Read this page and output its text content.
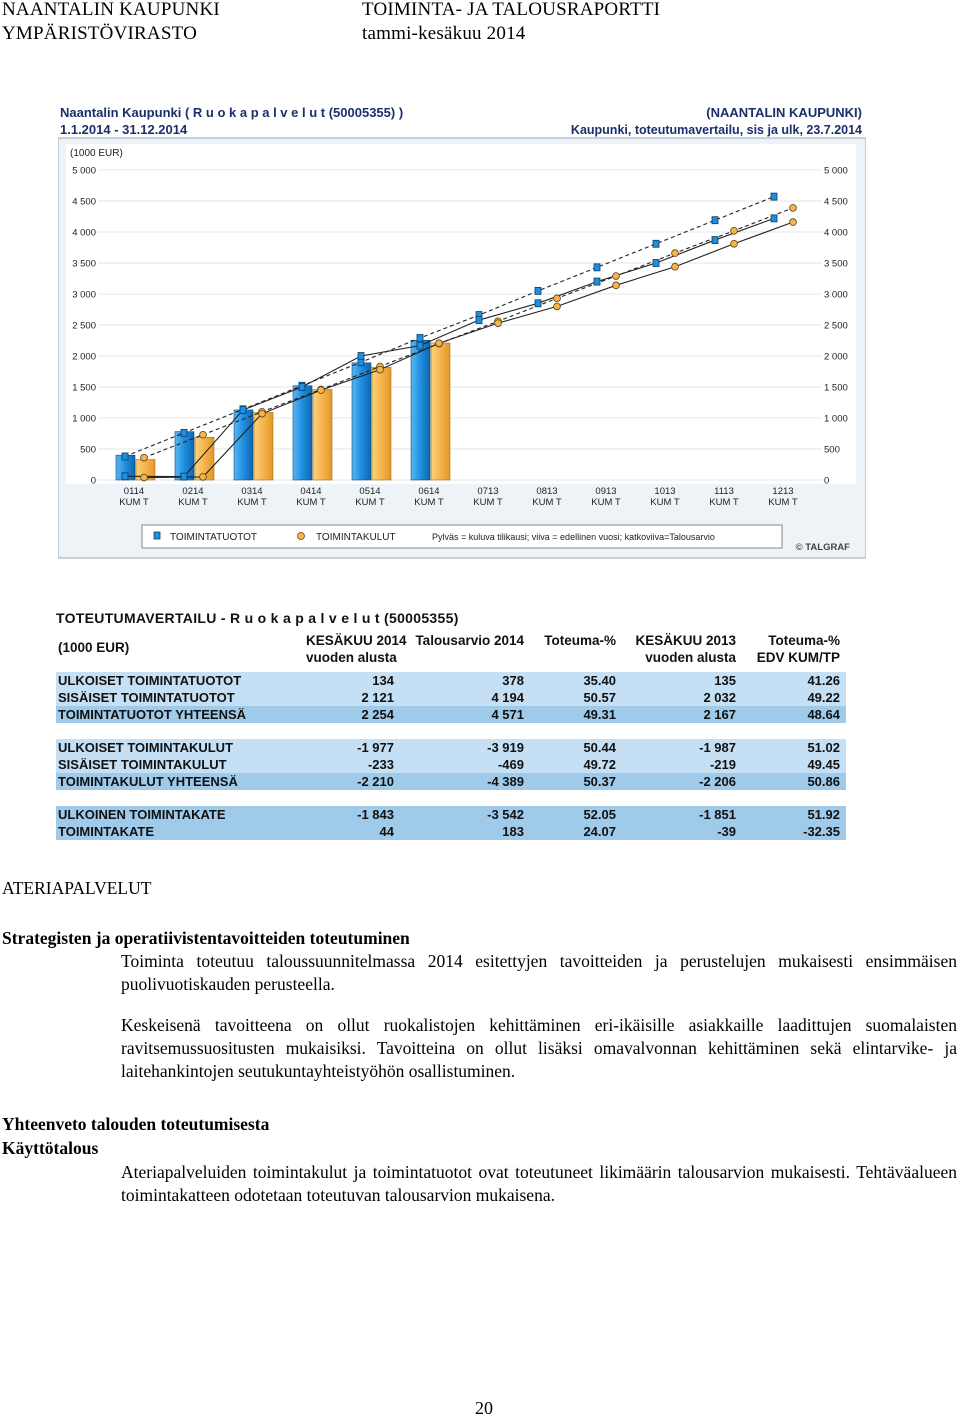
NAANTALIN KAUPUNKI
YMPÄRISTÖVIRASTO
TOIMINTA- JA TALOUSRAPORTTI
tammi-kesäkuu 2014
Naantalin Kaupunki ( R u o k a p a l v e l u t (50005355) )
1.1.2014 - 31.12.2014
(NAANTALIN KAUPUNKI)
Kaupunki, toteutumavertailu, sis ja ulk, 23.7.2014
(1000 EUR)
0	0
500	500
1 000	1 000
1 500	1 500
2 000	2 000
2 500	2 500
3 000	3 000
3 500	3 500
4 000	4 000
4 500	4 500
5 000	5 000
0114
KUM T
0214
KUM T
0314
KUM T
0414
KUM T
0514
KUM T
0614
KUM T
0713
KUM T
0813
KUM T
0913
KUM T
1013
KUM T
1113
KUM T
1213
KUM T
TOIMINTATUOTOT	TOIMINTAKULUT	Pylväs = kuluva tilikausi; viiva = edellinen vuosi; katkoviiva=Talousarvio
© TALGRAF
TOTEUTUMAVERTAILU - R u o k a p a l v e l u t (50005355)
(1000 EUR)	KESÄKUU 2014
vuoden alusta
Talousarvio 2014	Toteuma-%	KESÄKUU 2013
vuoden alusta
Toteuma-%
EDV KUM/TP
ULKOISET TOIMINTATUOTOT	134	378	35.40	135	41.26
SISÄISET TOIMINTATUOTOT	2 121	4 194	50.57	2 032	49.22
TOIMINTATUOTOT YHTEENSÄ	2 254	4 571	49.31	2 167	48.64
ULKOISET TOIMINTAKULUT	-1 977	-3 919	50.44	-1 987	51.02
SISÄISET TOIMINTAKULUT	-233	-469	49.72	-219	49.45
TOIMINTAKULUT YHTEENSÄ	-2 210	-4 389	50.37	-2 206	50.86
ULKOINEN TOIMINTAKATE	-1 843	-3 542	52.05	-1 851	51.92
TOIMINTAKATE	44	183	24.07	-39	-32.35
ATERIAPALVELUT
Strategisten ja operatiivistentavoitteiden toteutuminen
Toiminta toteutuu taloussuunnitelmassa 2014 esitettyjen tavoitteiden ja perustelujen mukaisesti ensimmäisen puolivuotiskauden perusteella.
Keskeisenä tavoitteena on ollut ruokalistojen kehittäminen eri-ikäisille asiakkaille laadittujen suomalaisten ravitsemussuositusten mukaisiksi. Tavoitteina on ollut lisäksi omavalvonnan kehittäminen sekä elintarvike- ja laitehankintojen seutukuntayhteistyöhön osallistuminen.
Yhteenveto talouden toteutumisesta
Käyttötalous
Ateriapalveluiden toimintakulut ja toimintatuotot ovat toteutuneet likimäärin talousarvion mukaisesti. Tehtäväalueen toimintakatteen odotetaan toteutuvan talousarvion mukaisena.
20
